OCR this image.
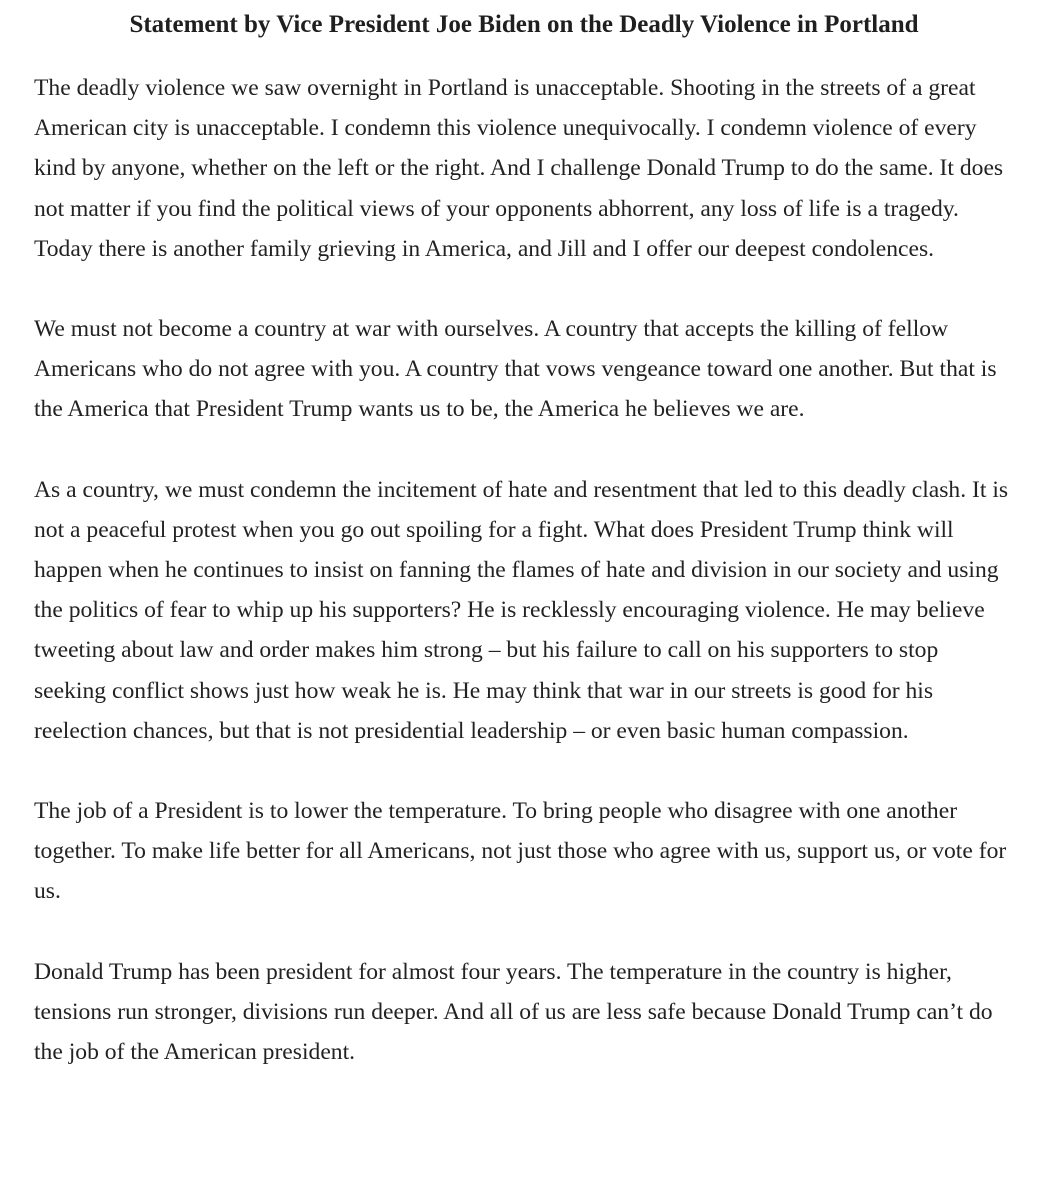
Statement by Vice President Joe Biden on the Deadly Violence in Portland

The deadly violence we saw overnight in Portland is unacceptable. Shooting in the streets of a great American city is unacceptable. I condemn this violence unequivocally. I condemn violence of every kind by anyone, whether on the left or the right. And I challenge Donald Trump to do the same. It does not matter if you find the political views of your opponents abhorrent, any loss of life is a tragedy. Today there is another family grieving in America, and Jill and I offer our deepest condolences.

We must not become a country at war with ourselves. A country that accepts the killing of fellow Americans who do not agree with you. A country that vows vengeance toward one another. But that is the America that President Trump wants us to be, the America he believes we are.

As a country, we must condemn the incitement of hate and resentment that led to this deadly clash. It is not a peaceful protest when you go out spoiling for a fight. What does President Trump think will happen when he continues to insist on fanning the flames of hate and division in our society and using the politics of fear to whip up his supporters? He is recklessly encouraging violence. He may believe tweeting about law and order makes him strong – but his failure to call on his supporters to stop seeking conflict shows just how weak he is. He may think that war in our streets is good for his reelection chances, but that is not presidential leadership – or even basic human compassion.

The job of a President is to lower the temperature. To bring people who disagree with one another together. To make life better for all Americans, not just those who agree with us, support us, or vote for us.

Donald Trump has been president for almost four years. The temperature in the country is higher, tensions run stronger, divisions run deeper. And all of us are less safe because Donald Trump can’t do the job of the American president.
